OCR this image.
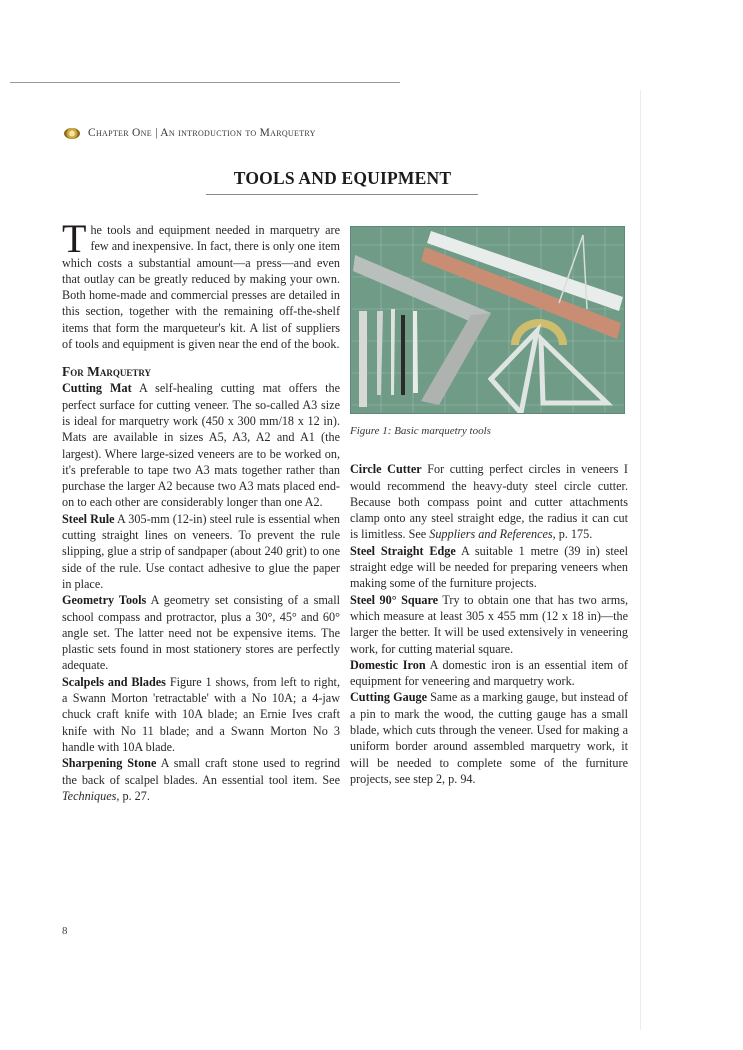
Chapter One | An introduction to Marquetry
TOOLS AND EQUIPMENT

The tools and equipment needed in marquetry are few and inexpensive. In fact, there is only one item which costs a substantial amount—a press—and even that outlay can be greatly reduced by making your own. Both home-made and commercial presses are detailed in this section, together with the remaining off-the-shelf items that form the marqueteur's kit. A list of suppliers of tools and equipment is given near the end of the book.

For Marquetry

Cutting Mat A self-healing cutting mat offers the perfect surface for cutting veneer. The so-called A3 size is ideal for marquetry work (450 x 300 mm/18 x 12 in). Mats are available in sizes A5, A3, A2 and A1 (the largest). Where large-sized veneers are to be worked on, it's preferable to tape two A3 mats together rather than purchase the larger A2 because two A3 mats placed end-on to each other are considerably longer than one A2.

Steel Rule A 305-mm (12-in) steel rule is essential when cutting straight lines on veneers. To prevent the rule slipping, glue a strip of sandpaper (about 240 grit) to one side of the rule. Use contact adhesive to glue the paper in place.

Geometry Tools A geometry set consisting of a small school compass and protractor, plus a 30°, 45° and 60° angle set. The latter need not be expensive items. The plastic sets found in most stationery stores are perfectly adequate.

Scalpels and Blades Figure 1 shows, from left to right, a Swann Morton 'retractable' with a No 10A; a 4-jaw chuck craft knife with 10A blade; an Ernie Ives craft knife with No 11 blade; and a Swann Morton No 3 handle with 10A blade.

Sharpening Stone A small craft stone used to regrind the back of scalpel blades. An essential tool item. See Techniques, p. 27.

Figure 1: Basic marquetry tools

Circle Cutter For cutting perfect circles in veneers I would recommend the heavy-duty steel circle cutter. Because both compass point and cutter attachments clamp onto any steel straight edge, the radius it can cut is limitless. See Suppliers and References, p. 175.

Steel Straight Edge A suitable 1 metre (39 in) steel straight edge will be needed for preparing veneers when making some of the furniture projects.

Steel 90° Square Try to obtain one that has two arms, which measure at least 305 x 455 mm (12 x 18 in)—the larger the better. It will be used extensively in veneering work, for cutting material square.

Domestic Iron A domestic iron is an essential item of equipment for veneering and marquetry work.

Cutting Gauge Same as a marking gauge, but instead of a pin to mark the wood, the cutting gauge has a small blade, which cuts through the veneer. Used for making a uniform border around assembled marquetry work, it will be needed to complete some of the furniture projects, see step 2, p. 94.

8
